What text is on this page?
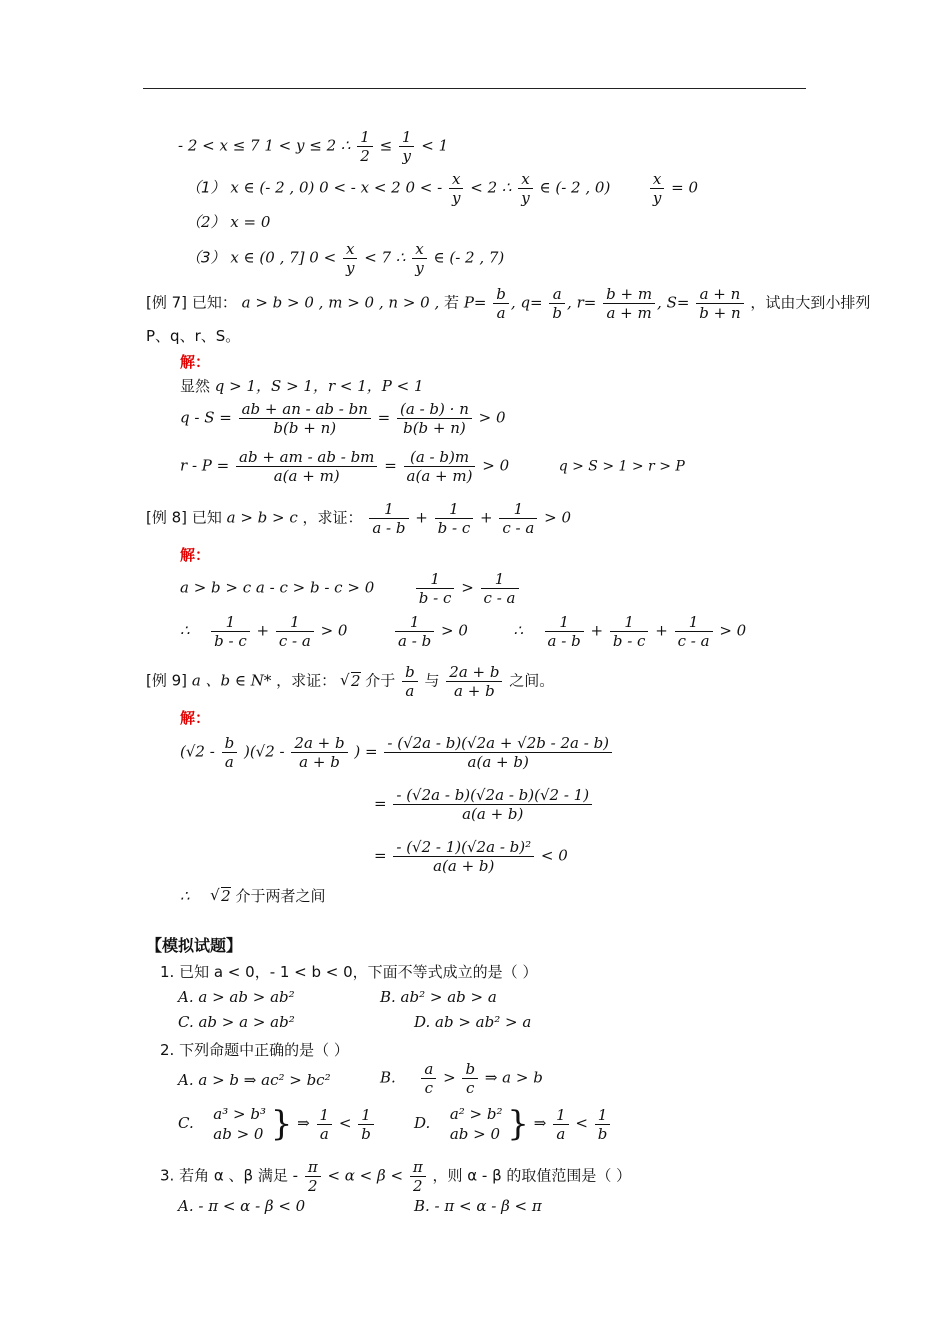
- 2 < x ≤ 7 1 < y ≤ 2 ∴ $\frac{1}{2} \le \frac{1}{y} < 1$
（1） x ∈ (- 2 , 0) 0 < - x < 2 0 < - $\frac{x}{y} < 2$ ∴ $\frac{x}{y}$ ∈ (- 2 , 0)	$\frac{x}{y} = 0$
（2） x = 0
（3） x ∈ (0 , 7] $0 < \frac{x}{y} < 7$ ∴ $\frac{x}{y}$ ∈ (- 2 , 7)
[例 7] 已知： a > b > 0 , m > 0 , n > 0 , 若 $P= \frac{b}{a}$ , $q= \frac{a}{b}$ , $r= \frac{b + m}{a + m}$ , $S= \frac{a + n}{b + n}$ ，试由大到小排列
P、q、r、S。
解：
显然 q > 1，S > 1，r < 1，P < 1
$q - S = \frac{ab + an - ab - bn}{b(b + n)} = \frac{(a - b) \cdot n}{b(b + n)} > 0$
$r - P = \frac{ab + am - ab - bm}{a(a + m)} = \frac{(a - b)m}{a(a + m)} > 0$	q > S > 1 > r > P
[例 8] 已知 a > b > c ，求证： $\frac{1}{a - b} + \frac{1}{b - c} + \frac{1}{c - a} > 0$
解：
a > b > c a - c > b - c > 0	$\frac{1}{b - c} > \frac{1}{c - a}$
∴ $\frac{1}{b - c} + \frac{1}{c - a} > 0$	$\frac{1}{a - b} > 0$	∴ $\frac{1}{a - b} + \frac{1}{b - c} + \frac{1}{c - a} > 0$
[例 9] a 、b ∈ N* ，求证： √ 2 介于 $\frac{b}{a}$ 与 $\frac{2a + b}{a + b}$ 之间。
解：
$(√2 - \frac{b}{a} )(√2 - \frac{2a + b}{a + b}$ ) = $\frac{- (√2a - b)(√2a + √2b - 2a - b)}{a(a + b)}$
= $\frac{- (√2a - b)(√2a - b)(√2 - 1)}{a(a + b)}$
= $\frac{\text{- (√2 - 1)(√2a - b)²}}{a(a + b)} < 0$
∴ √ 2 介于两者之间
【模拟试题】
1. 已知 a < 0，- 1 < b < 0，下面不等式成立的是（ ）
A. a > ab > ab²	B. ab² > ab > a
C. ab > a > ab²	D. ab > ab² > a
2. 下列命题中正确的是（ ）
A. a > b ⇒ ac² > bc²	B. $\frac{a}{c} > \frac{b}{c}$ ⇒ a > b
C. a³ > b³
ab > 0 } ⇒ $\frac{1}{a} < \frac{1}{b}$	D. a² > b²
ab > 0 } ⇒ $\frac{1}{a} < \frac{1}{b}$
3. 若角 α 、β 满足 - $\frac{\pi}{2} < \alpha < \beta < \frac{\pi}{2}$ ，则 α - β 的取值范围是（ ）
A. - π < α - β < 0	B. - π < α - β < π
